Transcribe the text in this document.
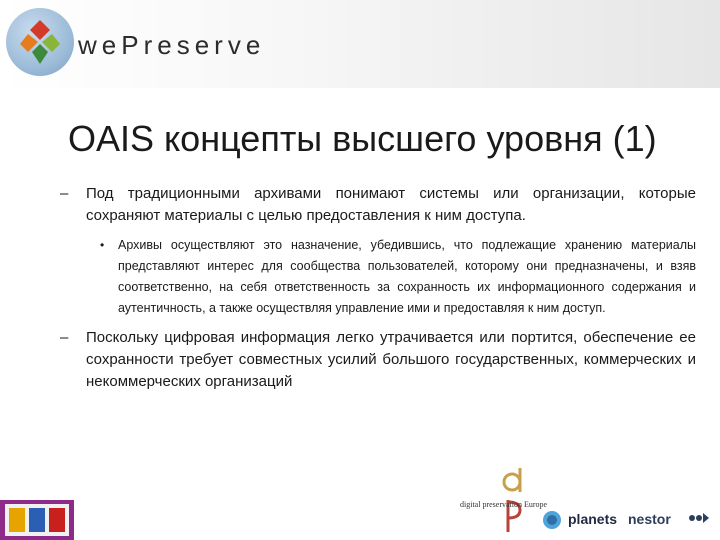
wePreserve
OAIS концепты высшего уровня (1)
– Под традиционными архивами понимают системы или организации, которые сохраняют материалы с целью предоставления к ним доступа.
• Архивы осуществляют это назначение, убедившись, что подлежащие хранению материалы представляют интерес для сообщества пользователей, которому они предназначены, и взяв соответственно, на себя ответственность за сохранность их информационного содержания и аутентичность, а также осуществляя управление ими и предоставляя к ним доступ.
– Поскольку цифровая информация легко утрачивается или портится, обеспечение ее сохранности требует совместных усилий большого государственных, коммерческих и некоммерческих организаций
digital preservation Europe
planets nestor
